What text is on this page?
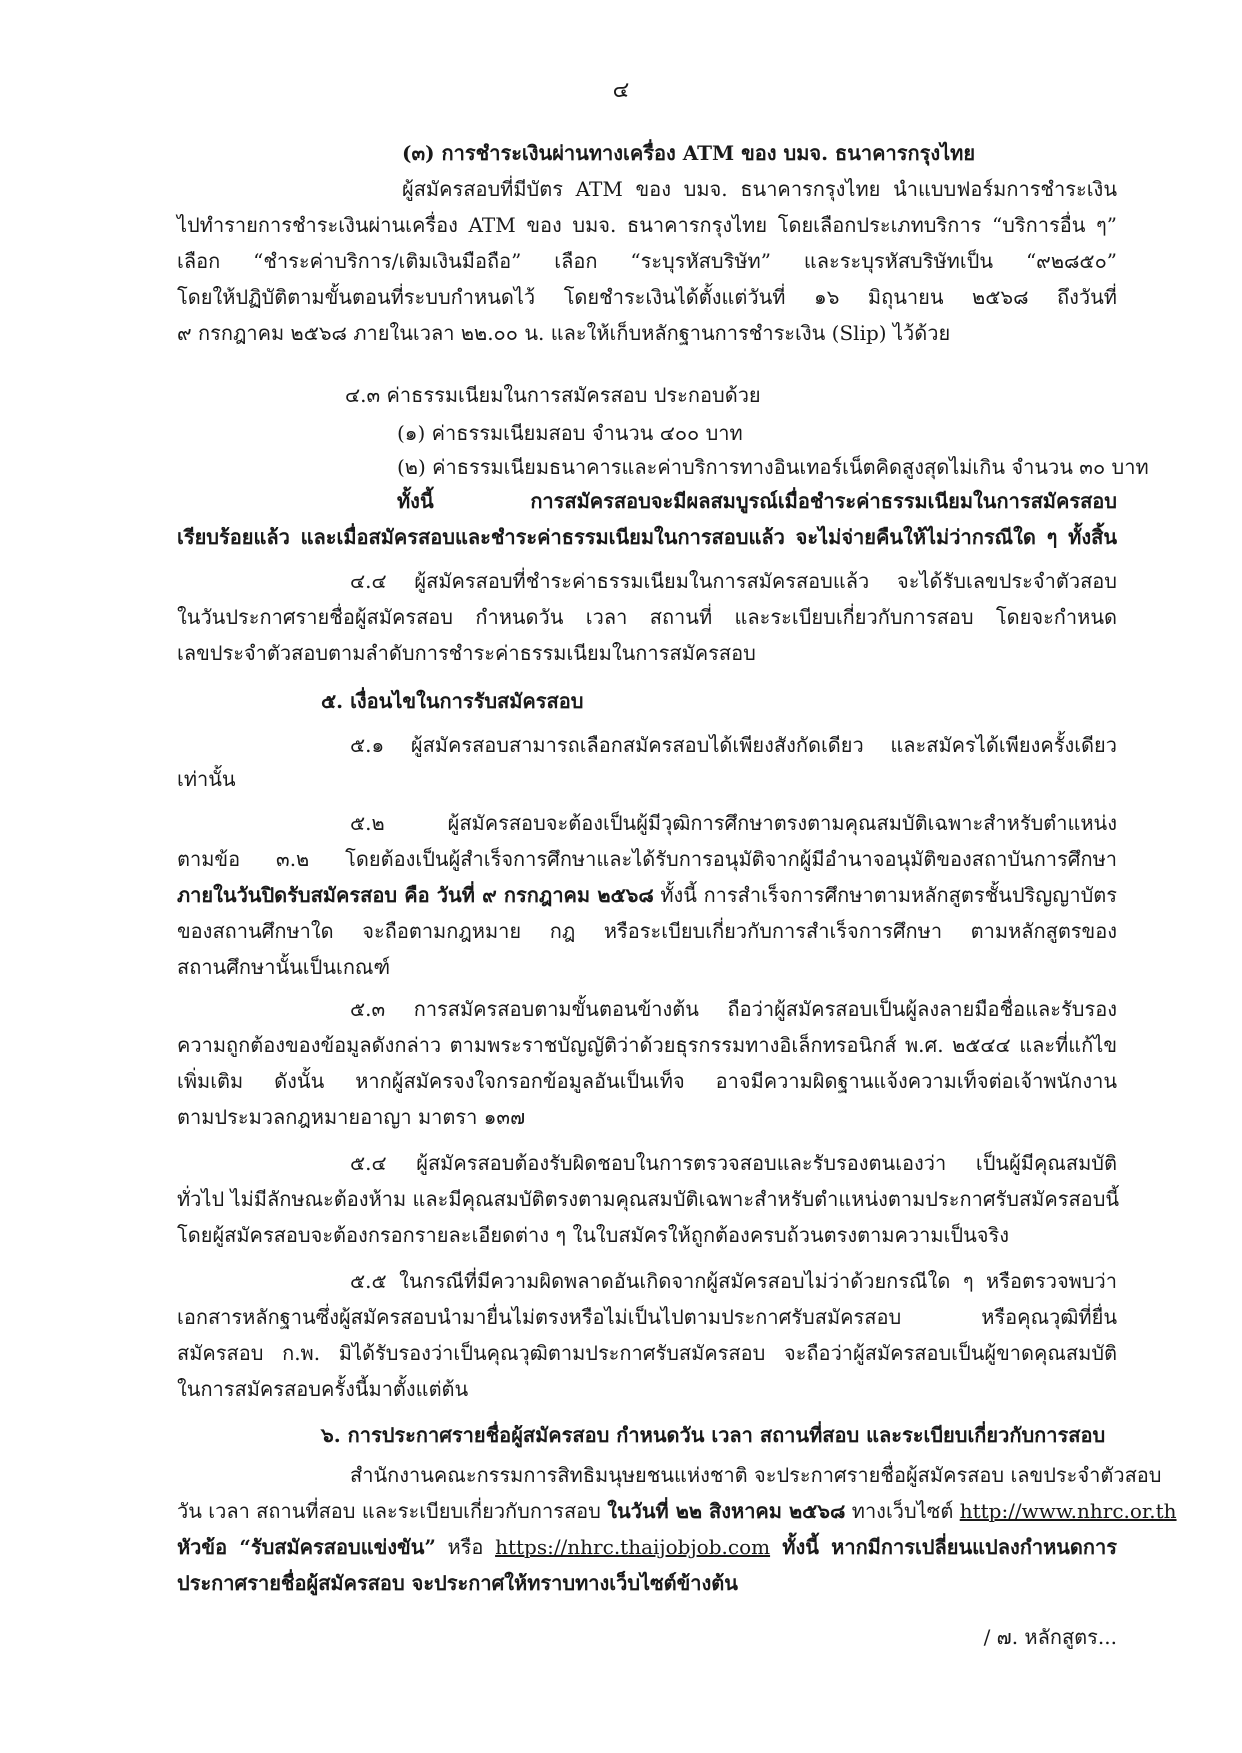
๔
(๓) การชำระเงินผ่านทางเครื่อง ATM ของ บมจ. ธนาคารกรุงไทย
ผู้สมัครสอบที่มีบัตร ATM ของ บมจ. ธนาคารกรุงไทย นำแบบฟอร์มการชำระเงิน
ไปทำรายการชำระเงินผ่านเครื่อง ATM ของ บมจ. ธนาคารกรุงไทย โดยเลือกประเภทบริการ “บริการอื่น ๆ”
เลือก “ชำระค่าบริการ/เติมเงินมือถือ” เลือก “ระบุรหัสบริษัท” และระบุรหัสบริษัทเป็น “๙๒๘๕๐”
โดยให้ปฏิบัติตามขั้นตอนที่ระบบกำหนดไว้ โดยชำระเงินได้ตั้งแต่วันที่ ๑๖ มิถุนายน ๒๕๖๘ ถึงวันที่
๙ กรกฎาคม ๒๕๖๘ ภายในเวลา ๒๒.๐๐ น. และให้เก็บหลักฐานการชำระเงิน (Slip) ไว้ด้วย
๔.๓ ค่าธรรมเนียมในการสมัครสอบ ประกอบด้วย
(๑) ค่าธรรมเนียมสอบ จำนวน ๔๐๐ บาท
(๒) ค่าธรรมเนียมธนาคารและค่าบริการทางอินเทอร์เน็ตคิดสูงสุดไม่เกิน จำนวน ๓๐ บาท
ทั้งนี้ การสมัครสอบจะมีผลสมบูรณ์เมื่อชำระค่าธรรมเนียมในการสมัครสอบ
เรียบร้อยแล้ว และเมื่อสมัครสอบและชำระค่าธรรมเนียมในการสอบแล้ว จะไม่จ่ายคืนให้ไม่ว่ากรณีใด ๆ ทั้งสิ้น
๔.๔ ผู้สมัครสอบที่ชำระค่าธรรมเนียมในการสมัครสอบแล้ว จะได้รับเลขประจำตัวสอบ
ในวันประกาศรายชื่อผู้สมัครสอบ กำหนดวัน เวลา สถานที่ และระเบียบเกี่ยวกับการสอบ โดยจะกำหนด
เลขประจำตัวสอบตามลำดับการชำระค่าธรรมเนียมในการสมัครสอบ
๕. เงื่อนไขในการรับสมัครสอบ
๕.๑ ผู้สมัครสอบสามารถเลือกสมัครสอบได้เพียงสังกัดเดียว และสมัครได้เพียงครั้งเดียว
เท่านั้น
๕.๒ ผู้สมัครสอบจะต้องเป็นผู้มีวุฒิการศึกษาตรงตามคุณสมบัติเฉพาะสำหรับตำแหน่ง
ตามข้อ ๓.๒ โดยต้องเป็นผู้สำเร็จการศึกษาและได้รับการอนุมัติจากผู้มีอำนาจอนุมัติของสถาบันการศึกษา
ภายในวันปิดรับสมัครสอบ คือ วันที่ ๙ กรกฎาคม ๒๕๖๘ ทั้งนี้ การสำเร็จการศึกษาตามหลักสูตรชั้นปริญญาบัตร
ของสถานศึกษาใด จะถือตามกฎหมาย กฎ หรือระเบียบเกี่ยวกับการสำเร็จการศึกษา ตามหลักสูตรของ
สถานศึกษานั้นเป็นเกณฑ์
๕.๓ การสมัครสอบตามขั้นตอนข้างต้น ถือว่าผู้สมัครสอบเป็นผู้ลงลายมือชื่อและรับรอง
ความถูกต้องของข้อมูลดังกล่าว ตามพระราชบัญญัติว่าด้วยธุรกรรมทางอิเล็กทรอนิกส์ พ.ศ. ๒๕๔๔ และที่แก้ไข
เพิ่มเติม ดังนั้น หากผู้สมัครจงใจกรอกข้อมูลอันเป็นเท็จ อาจมีความผิดฐานแจ้งความเท็จต่อเจ้าพนักงาน
ตามประมวลกฎหมายอาญา มาตรา ๑๓๗
๕.๔ ผู้สมัครสอบต้องรับผิดชอบในการตรวจสอบและรับรองตนเองว่า เป็นผู้มีคุณสมบัติ
ทั่วไป ไม่มีลักษณะต้องห้าม และมีคุณสมบัติตรงตามคุณสมบัติเฉพาะสำหรับตำแหน่งตามประกาศรับสมัครสอบนี้
โดยผู้สมัครสอบจะต้องกรอกรายละเอียดต่าง ๆ ในใบสมัครให้ถูกต้องครบถ้วนตรงตามความเป็นจริง
๕.๕ ในกรณีที่มีความผิดพลาดอันเกิดจากผู้สมัครสอบไม่ว่าด้วยกรณีใด ๆ หรือตรวจพบว่า
เอกสารหลักฐานซึ่งผู้สมัครสอบนำมายื่นไม่ตรงหรือไม่เป็นไปตามประกาศรับสมัครสอบ หรือคุณวุฒิที่ยื่น
สมัครสอบ ก.พ. มิได้รับรองว่าเป็นคุณวุฒิตามประกาศรับสมัครสอบ จะถือว่าผู้สมัครสอบเป็นผู้ขาดคุณสมบัติ
ในการสมัครสอบครั้งนี้มาตั้งแต่ต้น
๖. การประกาศรายชื่อผู้สมัครสอบ กำหนดวัน เวลา สถานที่สอบ และระเบียบเกี่ยวกับการสอบ
สำนักงานคณะกรรมการสิทธิมนุษยชนแห่งชาติ จะประกาศรายชื่อผู้สมัครสอบ เลขประจำตัวสอบ
วัน เวลา สถานที่สอบ และระเบียบเกี่ยวกับการสอบ ในวันที่ ๒๒ สิงหาคม ๒๕๖๘ ทางเว็บไซต์ http://www.nhrc.or.th
หัวข้อ “รับสมัครสอบแข่งขัน” หรือ https://nhrc.thaijobjob.com ทั้งนี้ หากมีการเปลี่ยนแปลงกำหนดการ
ประกาศรายชื่อผู้สมัครสอบ จะประกาศให้ทราบทางเว็บไซต์ข้างต้น
/ ๗. หลักสูตร...
